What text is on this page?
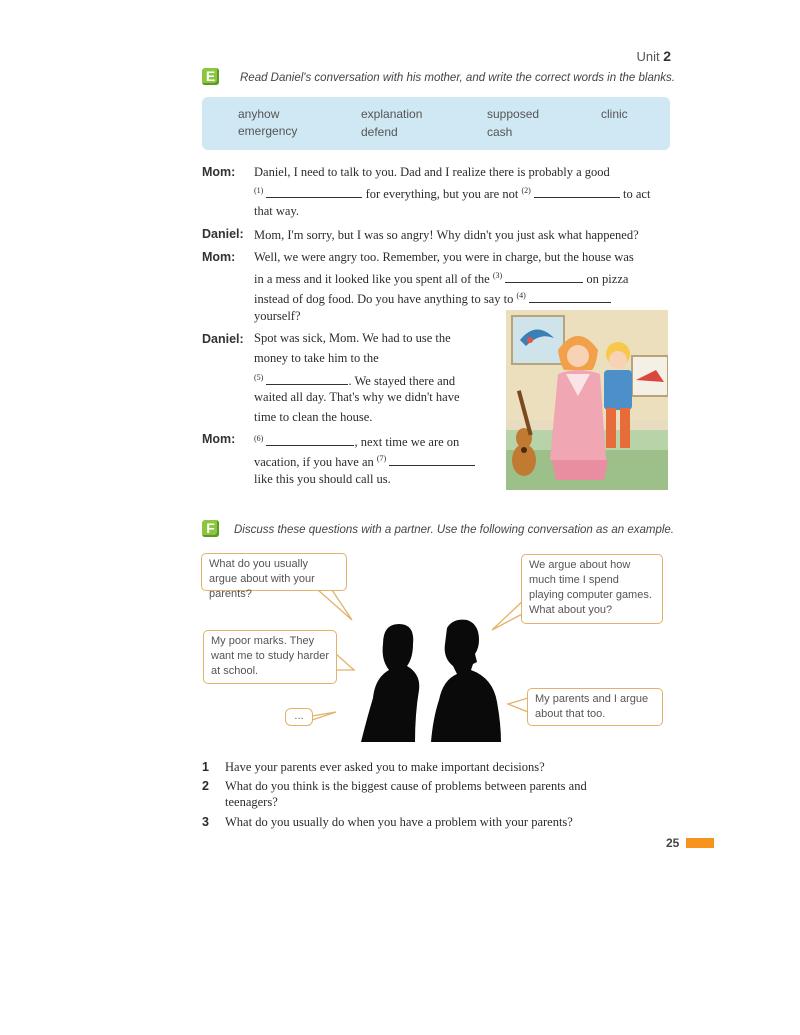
Unit 2
E	Read Daniel's conversation with his mother, and write the correct words in the blanks.
anyhow	explanation	supposed	clinic
emergency	defend	cash
Mom: Daniel, I need to talk to you. Dad and I realize there is probably a good
$^{(1)}$	for everything, but you are not $^{(2)}$	to act
that way.
Daniel: Mom, I'm sorry, but I was so angry! Why didn't you just ask what happened?
Mom: Well, we were angry too. Remember, you were in charge, but the house was
in a mess and it looked like you spent all of the $^{(3)}$	on pizza
instead of dog food. Do you have anything to say to $^{(4)}$
yourself?
Daniel: Spot was sick, Mom. We had to use the
money to take him to the
$^{(5)}$	. We stayed there and
waited all day. That's why we didn't have
time to clean the house.
Mom: $^{(6)}$	, next time we are on
vacation, if you have an $^{(7)}$
like this you should call us.
F	Discuss these questions with a partner. Use the following conversation as an example.
What do you usually argue about with your parents?
We argue about how much time I spend playing computer games. What about you?
My poor marks. They want me to study harder at school.
My parents and I argue about that too.
...
1 Have your parents ever asked you to make important decisions?
2 What do you think is the biggest cause of problems between parents and teenagers?
3 What do you usually do when you have a problem with your parents?
25
